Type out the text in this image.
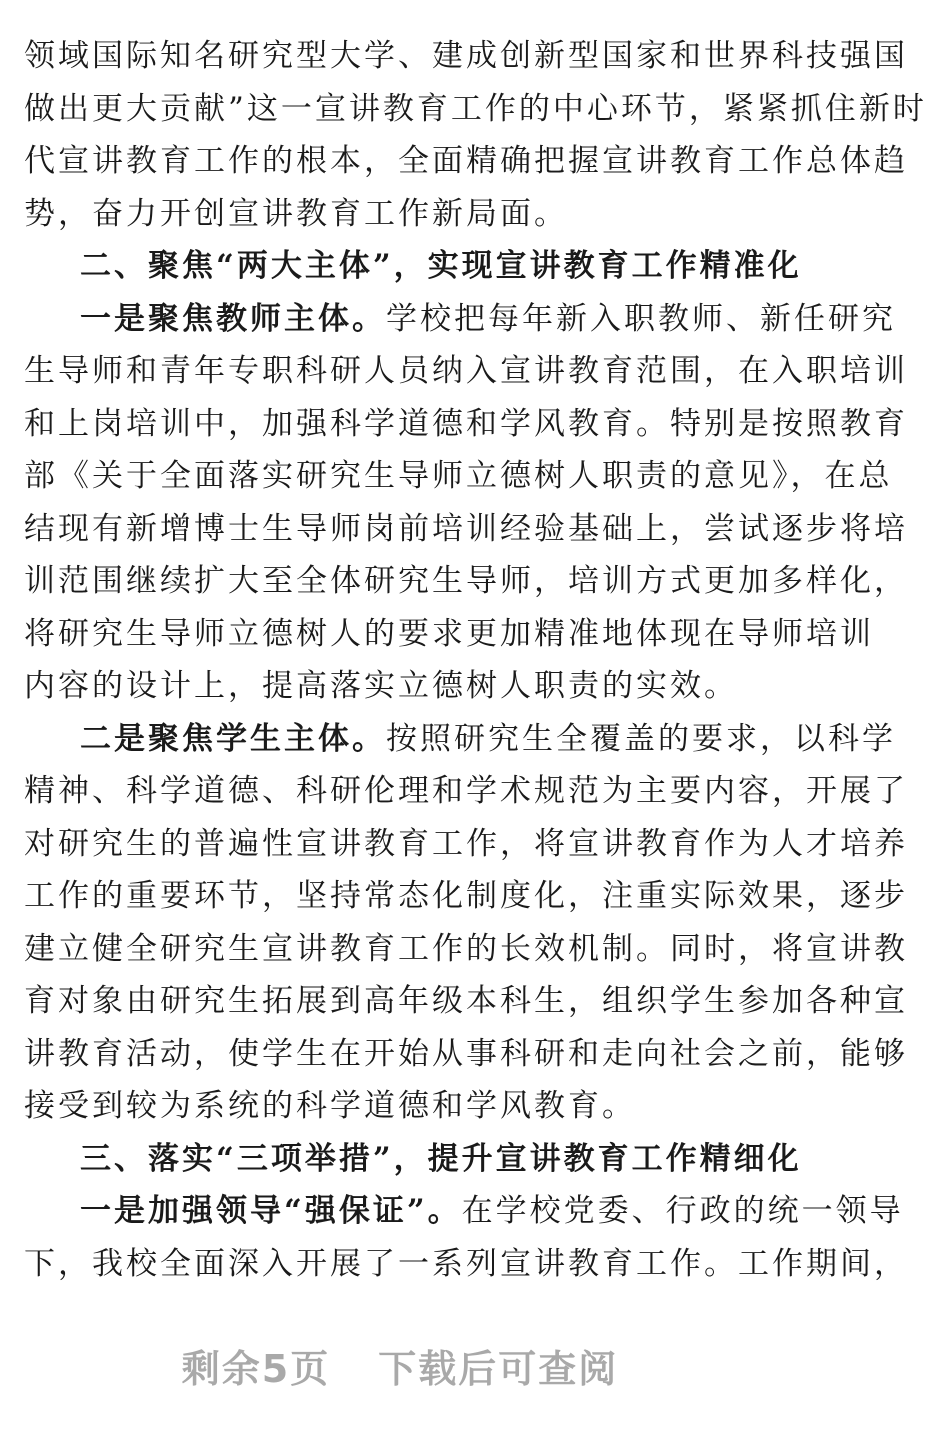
领域国际知名研究型大学、建成创新型国家和世界科技强国
做出更大贡献”这一宣讲教育工作的中心环节，紧紧抓住新时
代宣讲教育工作的根本，全面精确把握宣讲教育工作总体趋
势，奋力开创宣讲教育工作新局面。
二、聚焦“两大主体”，实现宣讲教育工作精准化
一是聚焦教师主体。学校把每年新入职教师、新任研究
生导师和青年专职科研人员纳入宣讲教育范围，在入职培训
和上岗培训中，加强科学道德和学风教育。特别是按照教育
部《关于全面落实研究生导师立德树人职责的意见》，在总
结现有新增博士生导师岗前培训经验基础上，尝试逐步将培
训范围继续扩大至全体研究生导师，培训方式更加多样化，
将研究生导师立德树人的要求更加精准地体现在导师培训
内容的设计上，提高落实立德树人职责的实效。
二是聚焦学生主体。按照研究生全覆盖的要求，以科学
精神、科学道德、科研伦理和学术规范为主要内容，开展了
对研究生的普遍性宣讲教育工作，将宣讲教育作为人才培养
工作的重要环节，坚持常态化制度化，注重实际效果，逐步
建立健全研究生宣讲教育工作的长效机制。同时，将宣讲教
育对象由研究生拓展到高年级本科生，组织学生参加各种宣
讲教育活动，使学生在开始从事科研和走向社会之前，能够
接受到较为系统的科学道德和学风教育。
三、落实“三项举措”，提升宣讲教育工作精细化
一是加强领导“强保证”。在学校党委、行政的统一领导
下，我校全面深入开展了一系列宣讲教育工作。工作期间，
剩余5页 下载后可查阅
